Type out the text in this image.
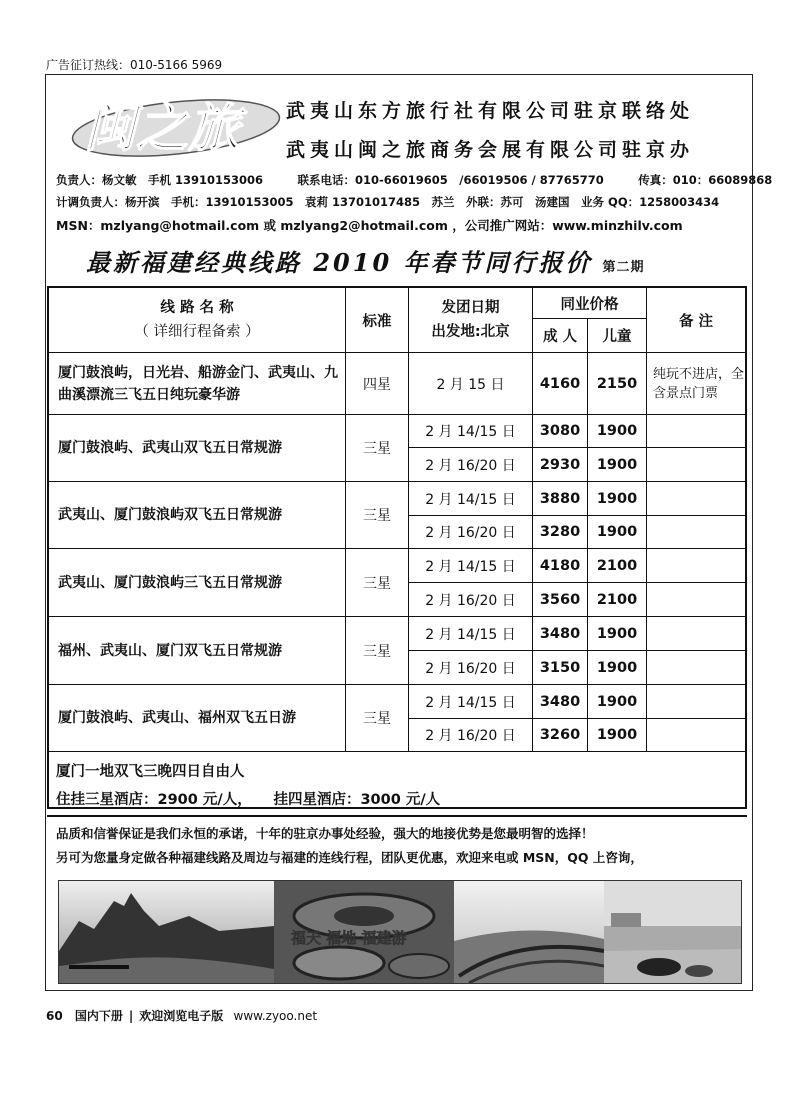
广告征订热线：010-5166 5969
闽之旅	武夷山东方旅行社有限公司驻京联络处
武夷山闽之旅商务会展有限公司驻京办
负责人：杨文敏　手机 13910153006　　　联系电话：010-66019605　/66019506 / 87765770　　　传真：010：66089868
计调负责人：杨开滨　手机：13910153005　袁莉 13701017485　苏兰　外联：苏可　汤建国　业务 QQ：1258003434
MSN：mzlyang@hotmail.com 或 mzlyang2@hotmail.com ，公司推广网站：www.minzhilv.com
最新福建经典线路 2010 年春节同行报价 第二期
线 路 名 称
（ 详细行程备索 ）
标准
发团日期
出发地:北京
同业价格
成 人	儿童
备 注
厦门鼓浪屿，日光岩、船游金门、武夷山、九曲溪漂流三飞五日纯玩豪华游
四星	2 月 15 日	4160	2150
纯玩不进店，全含景点门票
厦门鼓浪屿、武夷山双飞五日常规游	三星
2 月 14/15 日	3080	1900
2 月 16/20 日	2930	1900
武夷山、厦门鼓浪屿双飞五日常规游	三星
2 月 14/15 日	3880	1900
2 月 16/20 日	3280	1900
武夷山、厦门鼓浪屿三飞五日常规游	三星
2 月 14/15 日	4180	2100
2 月 16/20 日	3560	2100
福州、武夷山、厦门双飞五日常规游	三星
2 月 14/15 日	3480	1900
2 月 16/20 日	3150	1900
厦门鼓浪屿、武夷山、福州双飞五日游	三星
2 月 14/15 日	3480	1900
2 月 16/20 日	3260	1900
厦门一地双飞三晚四日自由人
住挂三星酒店：2900 元/人，　　挂四星酒店：3000 元/人
品质和信誉保证是我们永恒的承诺，十年的驻京办事处经验，强大的地接优势是您最明智的选择！
另可为您量身定做各种福建线路及周边与福建的连线行程，团队更优惠，欢迎来电或 MSN，QQ 上咨询，
福天 福地 福建游
60 国内下册 | 欢迎浏览电子版 www.zyoo.net
